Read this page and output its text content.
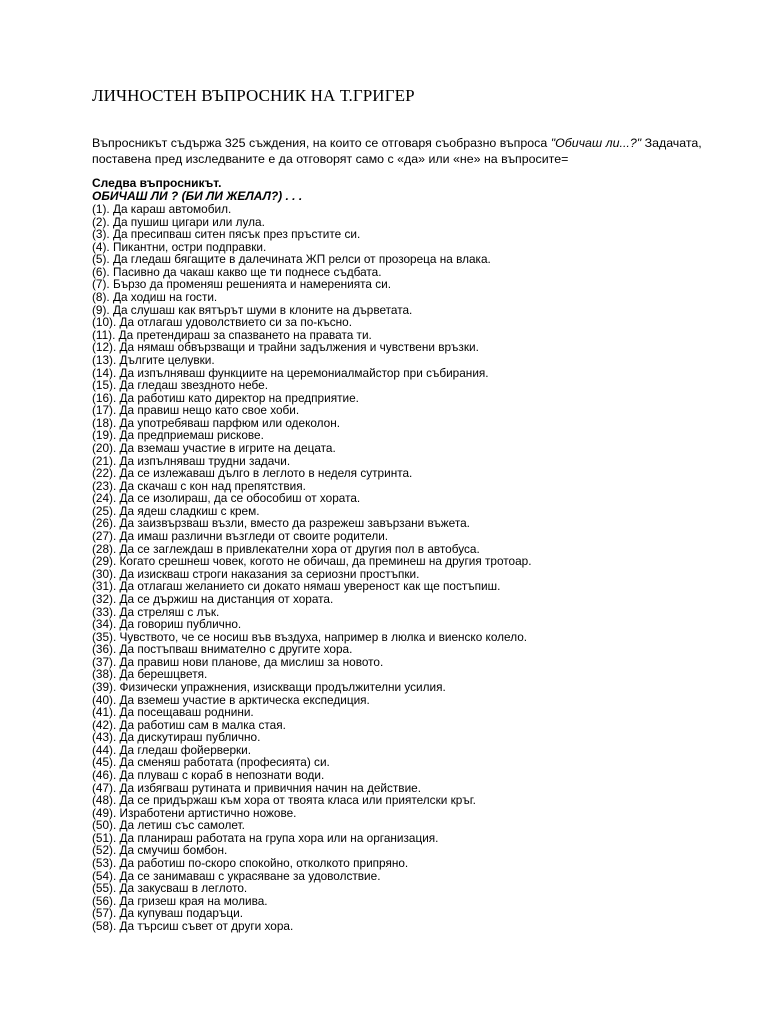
ЛИЧНОСТЕН ВЪПРОСНИК НА Т.ГРИГЕР

Въпросникът съдържа 325 съждения, на които се отговаря съобразно въпроса "Обичаш ли...?" Задачата, поставена пред изследваните е да отговорят само с «да» или «не» на въпросите=

Следва въпросникът.
ОБИЧАШ ЛИ ? (БИ ЛИ ЖЕЛАЛ?) . . .
(1). Да караш автомобил.
(2). Да пушиш цигари или лула.
(3). Да пресипваш ситен пясък през пръстите си.
(4). Пикантни, остри подправки.
(5). Да гледаш бягащите в далечината ЖП релси от прозореца на влака.
(6). Пасивно да чакаш какво ще ти поднесе съдбата.
(7). Бързо да променяш решенията и намеренията си.
(8). Да ходиш на гости.
(9). Да слушаш как вятърът шуми в клоните на дърветата.
(10). Да отлагаш удоволствието си за по-късно.
(11). Да претендираш за спазването на правата ти.
(12). Да нямаш обвързващи и трайни задължения и чувствени връзки.
(13). Дългите целувки.
(14). Да изпълняваш функциите на церемониалмайстор при събирания.
(15). Да гледаш звездното небе.
(16). Да работиш като директор на предприятие.
(17). Да правиш нещо като свое хоби.
(18). Да употребяваш парфюм или одеколон.
(19). Да предприемаш рискове.
(20). Да вземаш участие в игрите на децата.
(21). Да изпълняваш трудни задачи.
(22). Да се излежаваш дълго в леглото в неделя сутринта.
(23). Да скачаш с кон над препятствия.
(24). Да се изолираш, да се обособиш от хората.
(25). Да ядеш сладкиш с крем.
(26). Да заизвързваш възли, вместо да разрежеш завързани въжета.
(27). Да имаш различни възгледи от своите родители.
(28). Да се заглеждаш в привлекателни хора от другия пол в автобуса.
(29). Когато срешнеш човек, когото не обичаш, да преминеш на другия тротоар.
(30). Да изискваш строги наказания за сериозни простъпки.
(31). Да отлагаш желанието си докато нямаш увереност как ще постъпиш.
(32). Да се държиш на дистанция от хората.
(33). Да стреляш с лък.
(34). Да говориш публично.
(35). Чувството, че се носиш във въздуха, например в люлка и виенско колело.
(36). Да постъпваш внимателно с другите хора.
(37). Да правиш нови планове, да мислиш за новото.
(38). Да берешцветя.
(39). Физически упражнения, изискващи продължителни усилия.
(40). Да вземеш участие в арктическа експедиция.
(41). Да посещаваш роднини.
(42). Да работиш сам в малка стая.
(43). Да дискутираш публично.
(44). Да гледаш фойерверки.
(45). Да сменяш работата (професията) си.
(46). Да плуваш с кораб в непознати води.
(47). Да избягваш рутината и привичния начин на действие.
(48). Да се придържаш към хора от твоята класа или приятелски кръг.
(49). Изработени артистично ножове.
(50). Да летиш със самолет.
(51). Да планираш работата на група хора или на организация.
(52). Да смучиш бомбон.
(53). Да работиш по-скоро спокойно, отколкото припряно.
(54). Да се занимаваш с украсяване за удоволствие.
(55). Да закусваш в леглото.
(56). Да гризеш края на молива.
(57). Да купуваш подаръци.
(58). Да търсиш съвет от други хора.
